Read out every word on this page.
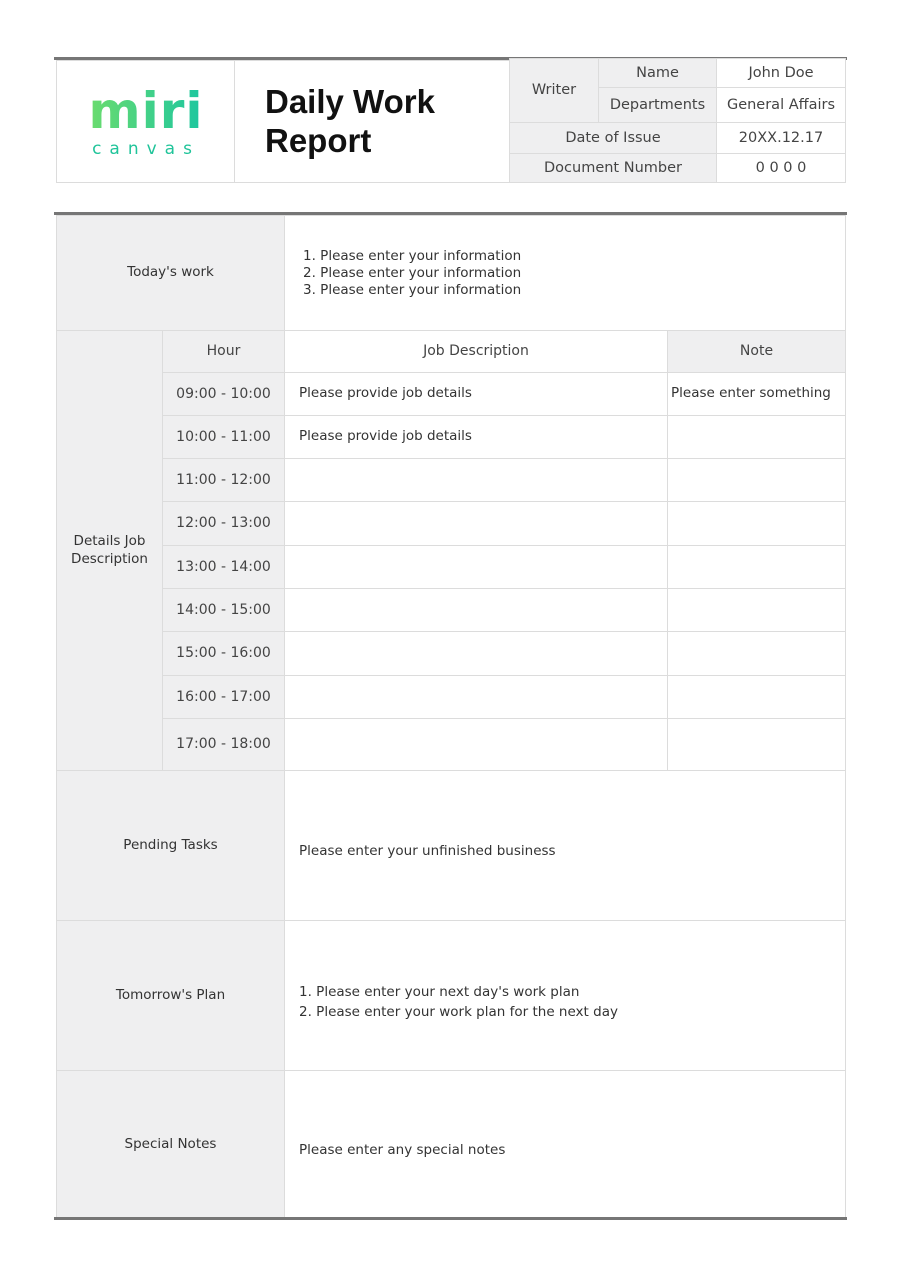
miri
canvas
Daily Work Report
Writer
Name	John Doe
Departments	General Affairs
Date of Issue	20XX.12.17
Document Number	0 0 0 0
Today's work
1. Please enter your information
2. Please enter your information
3. Please enter your information
Details Job Description
Hour	Job Description	Note
09:00 - 10:00	Please provide job details	Please enter something
10:00 - 11:00	Please provide job details
11:00 - 12:00
12:00 - 13:00
13:00 - 14:00
14:00 - 15:00
15:00 - 16:00
16:00 - 17:00
17:00 - 18:00
Pending Tasks	Please enter your unfinished business
Tomorrow's Plan	1. Please enter your next day's work plan
2. Please enter your work plan for the next day
Special Notes	Please enter any special notes
